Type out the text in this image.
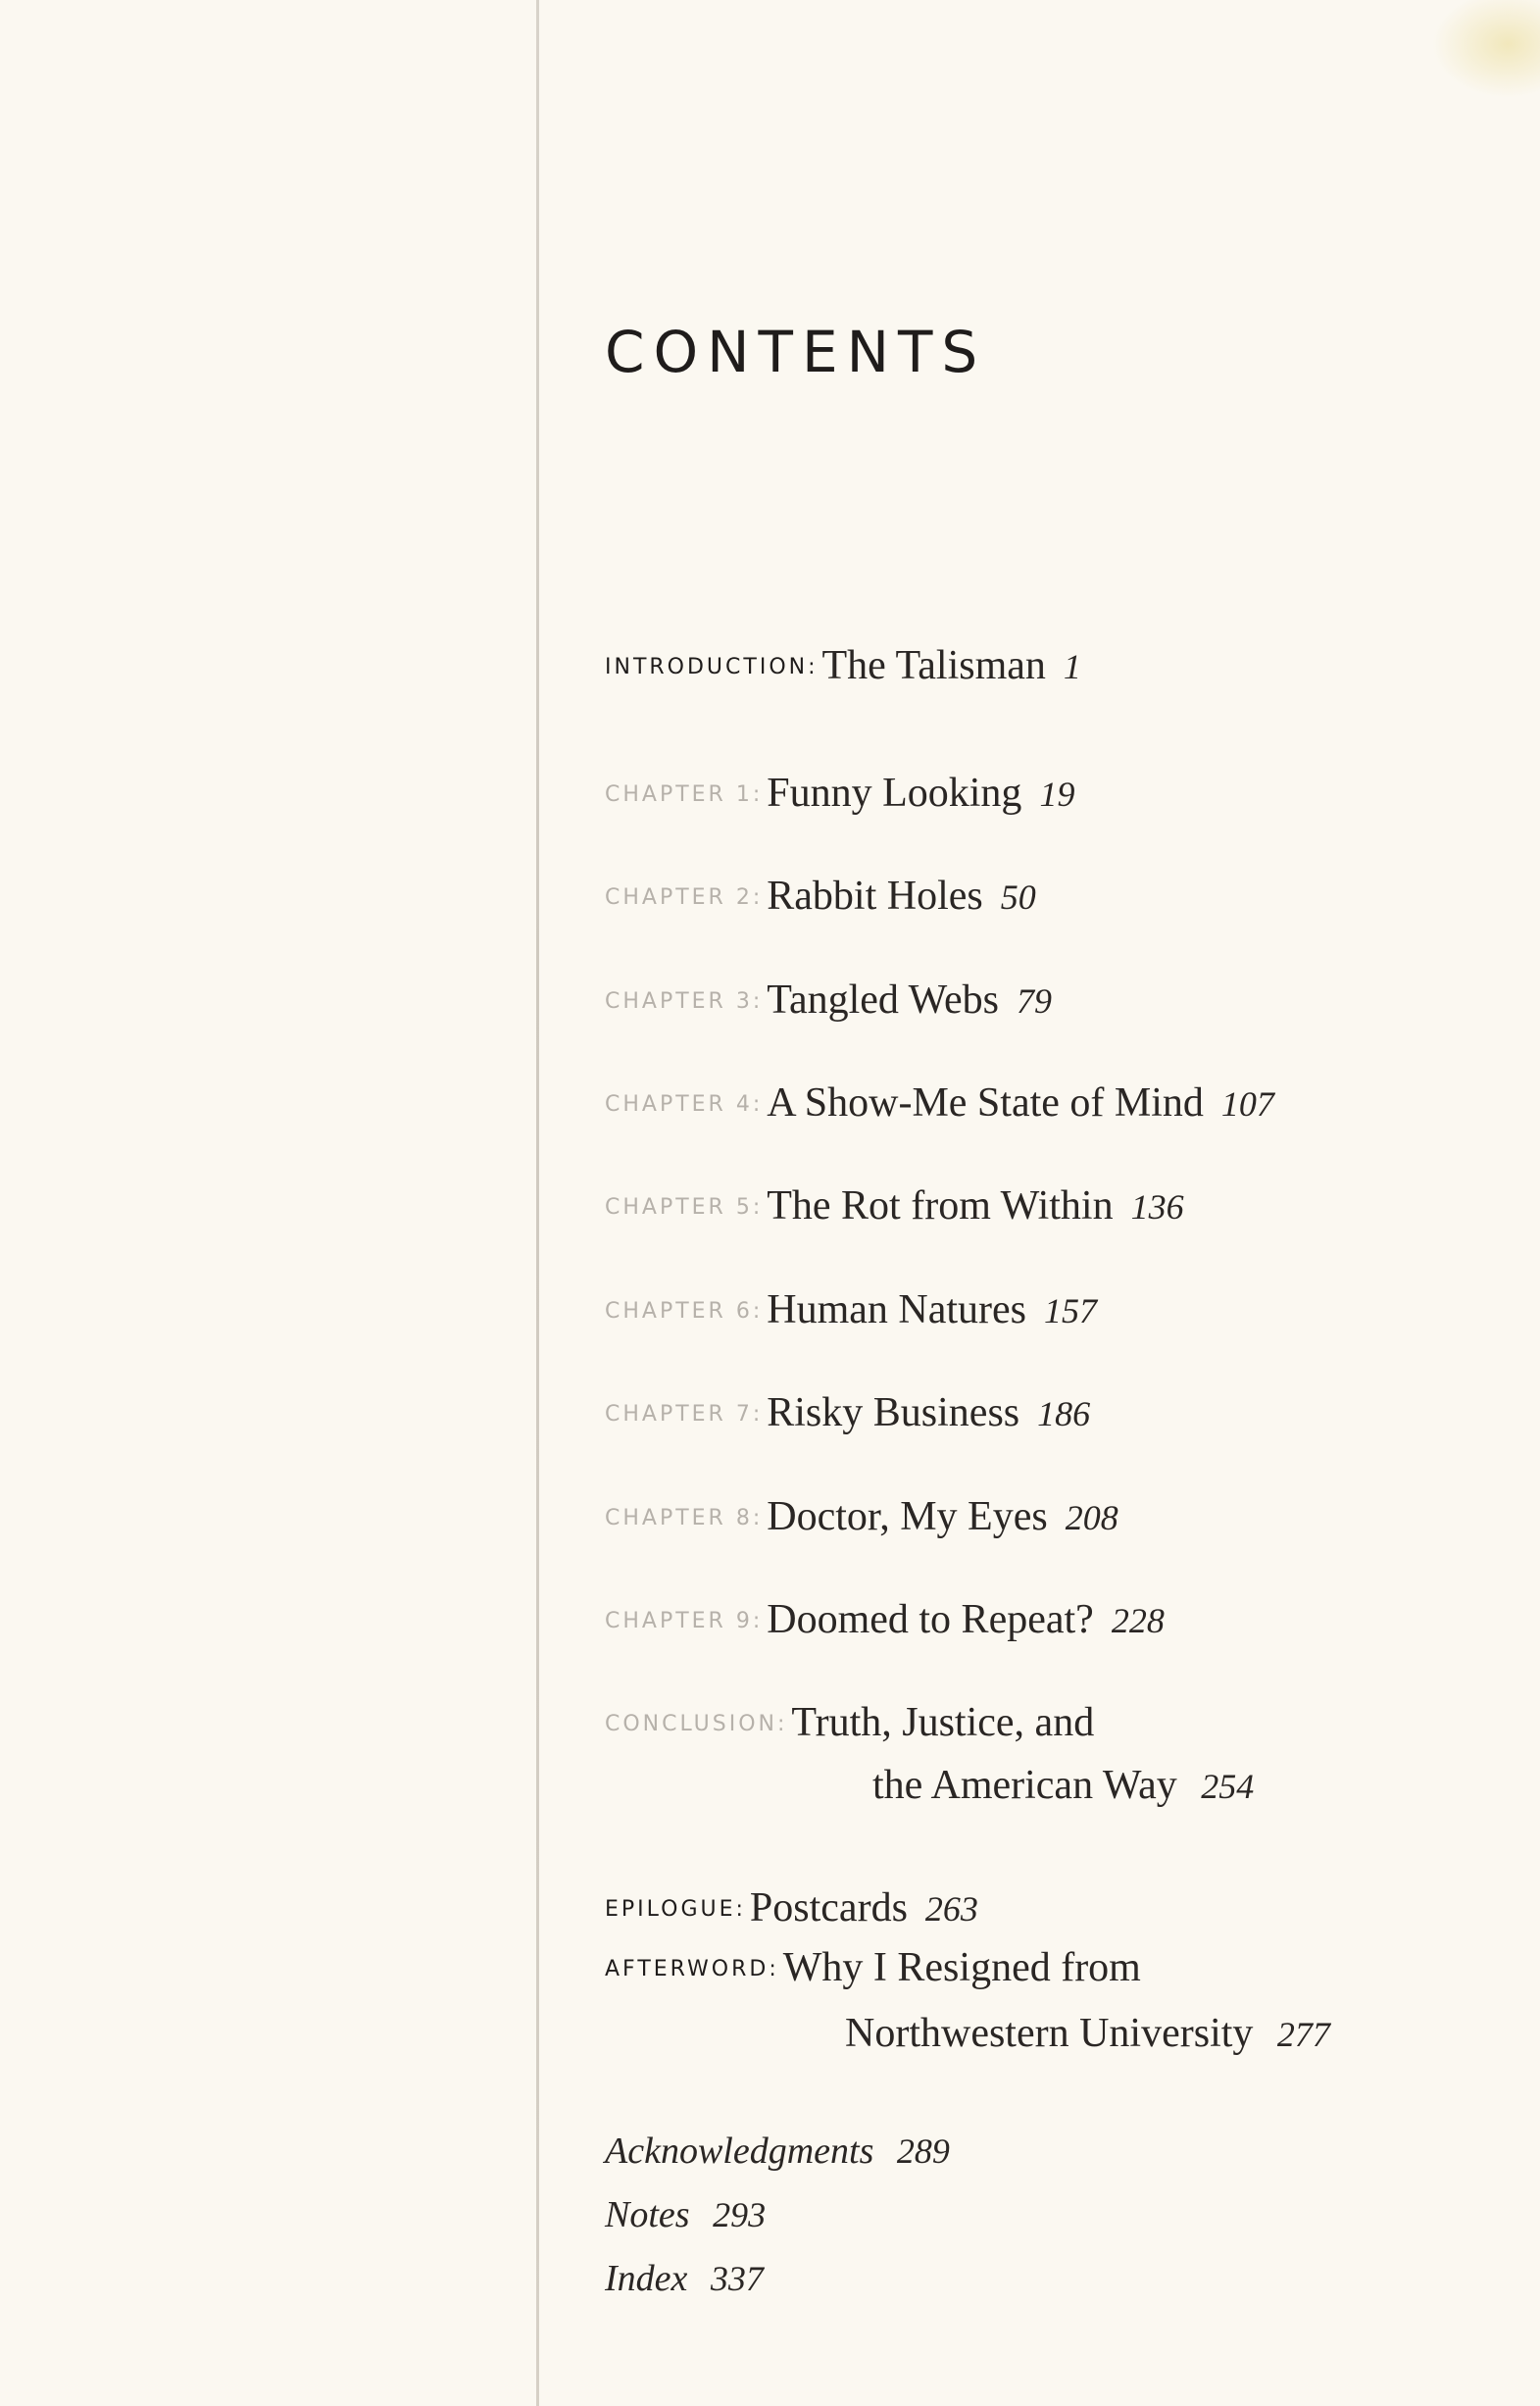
CONTENTS
INTRODUCTION: The Talisman 1
CHAPTER 1: Funny Looking 19
CHAPTER 2: Rabbit Holes 50
CHAPTER 3: Tangled Webs 79
CHAPTER 4: A Show-Me State of Mind 107
CHAPTER 5: The Rot from Within 136
CHAPTER 6: Human Natures 157
CHAPTER 7: Risky Business 186
CHAPTER 8: Doctor, My Eyes 208
CHAPTER 9: Doomed to Repeat? 228
CONCLUSION: Truth, Justice, and
the American Way 254
EPILOGUE: Postcards 263
AFTERWORD: Why I Resigned from
Northwestern University 277
Acknowledgments 289
Notes 293
Index 337
